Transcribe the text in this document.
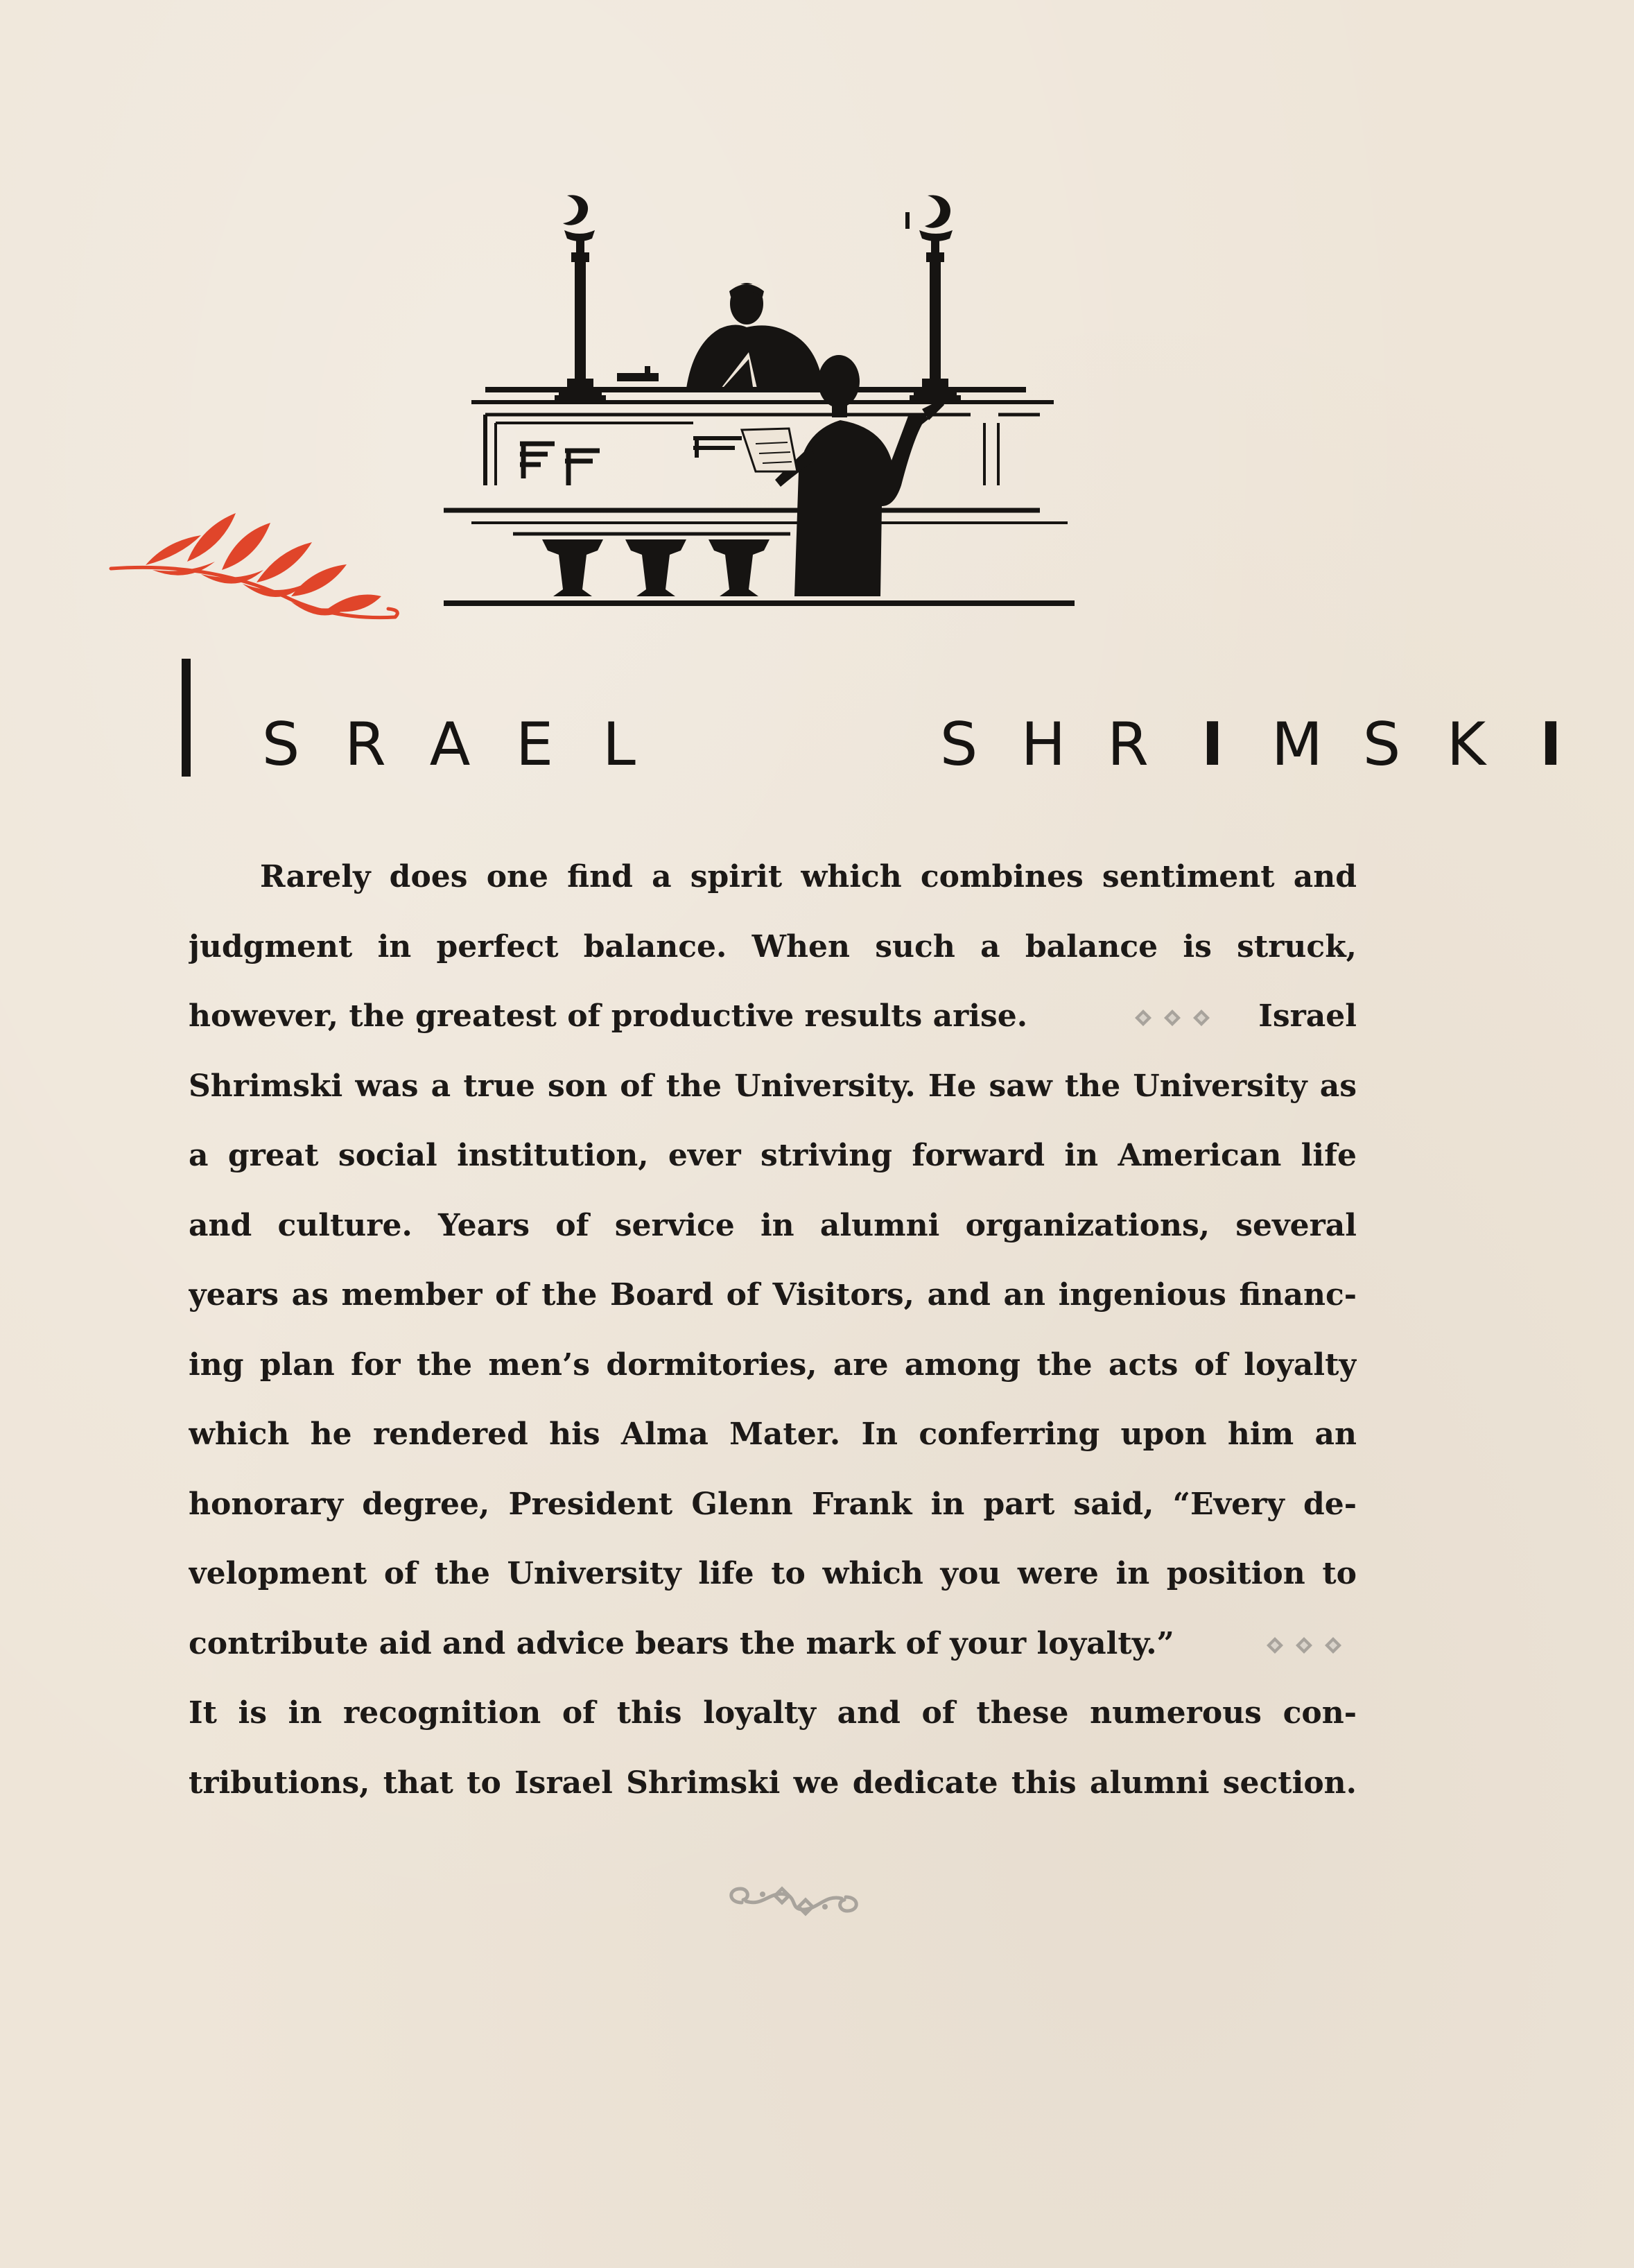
S R A E L	S H R I M S K I
Rarely does one find a spirit which combines sentiment and
judgment in perfect balance. When such a balance is struck,
however, the greatest of productive results arise.	Israel
Shrimski was a true son of the University. He saw the University as
a great social institution, ever striving forward in American life
and culture. Years of service in alumni organizations, several
years as member of the Board of Visitors, and an ingenious financ-
ing plan for the men’s dormitories, are among the acts of loyalty
which he rendered his Alma Mater. In conferring upon him an
honorary degree, President Glenn Frank in part said, “Every de-
velopment of the University life to which you were in position to
contribute aid and advice bears the mark of your loyalty.”
It is in recognition of this loyalty and of these numerous con-
tributions, that to Israel Shrimski we dedicate this alumni section.
